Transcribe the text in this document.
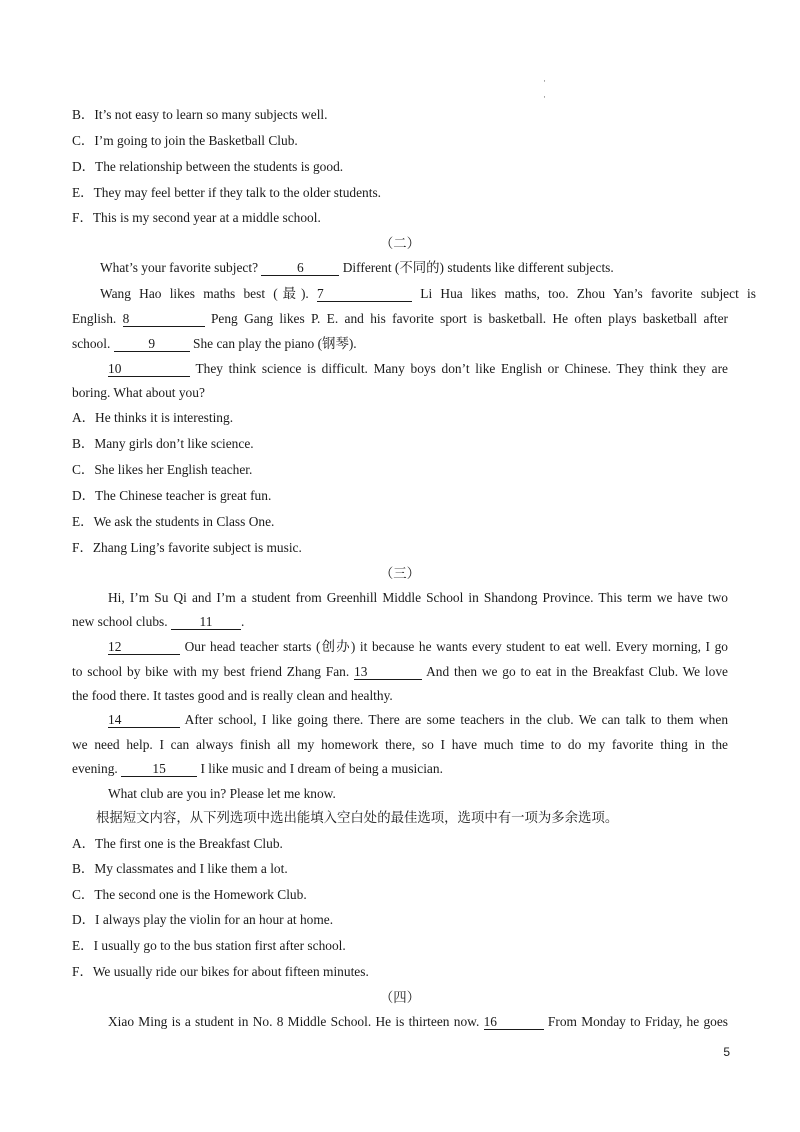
·
·
B．It’s not easy to learn so many subjects well.
C．I’m going to join the Basketball Club.
D．The relationship between the students is good.
E．They may feel better if they talk to the older students.
F．This is my second year at a middle school.
（二）
What’s your favorite subject?	6	Different (不同的) students like different subjects.
Wang Hao likes maths best (最). 7	Li Hua likes maths, too. Zhou Yan’s favorite subject is
English. 8	Peng Gang likes P. E. and his favorite sport is basketball. He often plays basketball after
school.	9	She can play the piano (钢琴).
10	They think science is difficult. Many boys don’t like English or Chinese. They think they are
boring. What about you?
A．He thinks it is interesting.
B．Many girls don’t like science.
C．She likes her English teacher.
D．The Chinese teacher is great fun.
E．We ask the students in Class One.
F．Zhang Ling’s favorite subject is music.
（三）
Hi, I’m Su Qi and I’m a student from Greenhill Middle School in Shandong Province. This term we have two
new school clubs. 11 .
12	Our head teacher starts (创办) it because he wants every student to eat well. Every morning, I go
to school by bike with my best friend Zhang Fan. 13	And then we go to eat in the Breakfast Club. We love
the food there. It tastes good and is really clean and healthy.
14	After school, I like going there. There are some teachers in the club. We can talk to them when
we need help. I can always finish all my homework there, so I have much time to do my favorite thing in the
evening.	15	I like music and I dream of being a musician.
What club are you in? Please let me know.
根据短文内容，从下列选项中选出能填入空白处的最佳选项，选项中有一项为多余选项。
A．The first one is the Breakfast Club.
B．My classmates and I like them a lot.
C．The second one is the Homework Club.
D．I always play the violin for an hour at home.
E．I usually go to the bus station first after school.
F．We usually ride our bikes for about fifteen minutes.
（四）
Xiao Ming is a student in No. 8 Middle School. He is thirteen now. 16	From Monday to Friday, he goes
5
